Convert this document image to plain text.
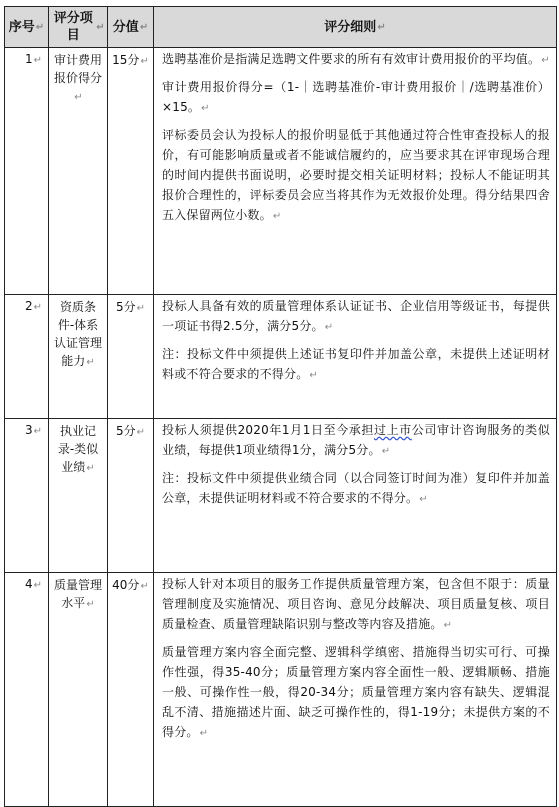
序号 ↵	评分项目
↵	分值 ↵	评分细则 ↵

1↵	审计费用报价得分↵	15分↵	选聘基准价是指满足选聘文件要求的所有有效审计费用报价的平均值。↵

审计费用报价得分=（1-｜选聘基准价-审计费用报价｜/选聘基准价）×15。↵

评标委员会认为投标人的报价明显低于其他通过符合性审查投标人的报价，有可能影响质量或者不能诚信履约的，应当要求其在评审现场合理的时间内提供书面说明，必要时提交相关证明材料；投标人不能证明其报价合理性的，评标委员会应当将其作为无效报价处理。得分结果四舍五入保留两位小数。↵

2↵	资质条件-体系认证管理能力↵	5分↵	投标人具备有效的质量管理体系认证证书、企业信用等级证书，每提供一项证书得2.5分，满分5分。↵

注：投标文件中须提供上述证书复印件并加盖公章，未提供上述证明材料或不符合要求的不得分。↵

3↵	执业记录-类似业绩↵	5分↵	投标人须提供2020年1月1日至今承担过上市公司审计咨询服务的类似业绩，每提供1项业绩得1分，满分5分。↵

注：投标文件中须提供业绩合同（以合同签订时间为准）复印件并加盖公章，未提供证明材料或不符合要求的不得分。↵

4↵	质量管理水平↵	40分↵	投标人针对本项目的服务工作提供质量管理方案，包含但不限于：质量管理制度及实施情况、项目咨询、意见分歧解决、项目质量复核、项目质量检查、质量管理缺陷识别与整改等内容及措施。↵

质量管理方案内容全面完整、逻辑科学缜密、措施得当切实可行、可操作性强，得35-40分；质量管理方案内容全面性一般、逻辑顺畅、措施一般、可操作性一般，得20-34分；质量管理方案内容有缺失、逻辑混乱不清、措施描述片面、缺乏可操作性的，得1-19分；未提供方案的不得分。↵
